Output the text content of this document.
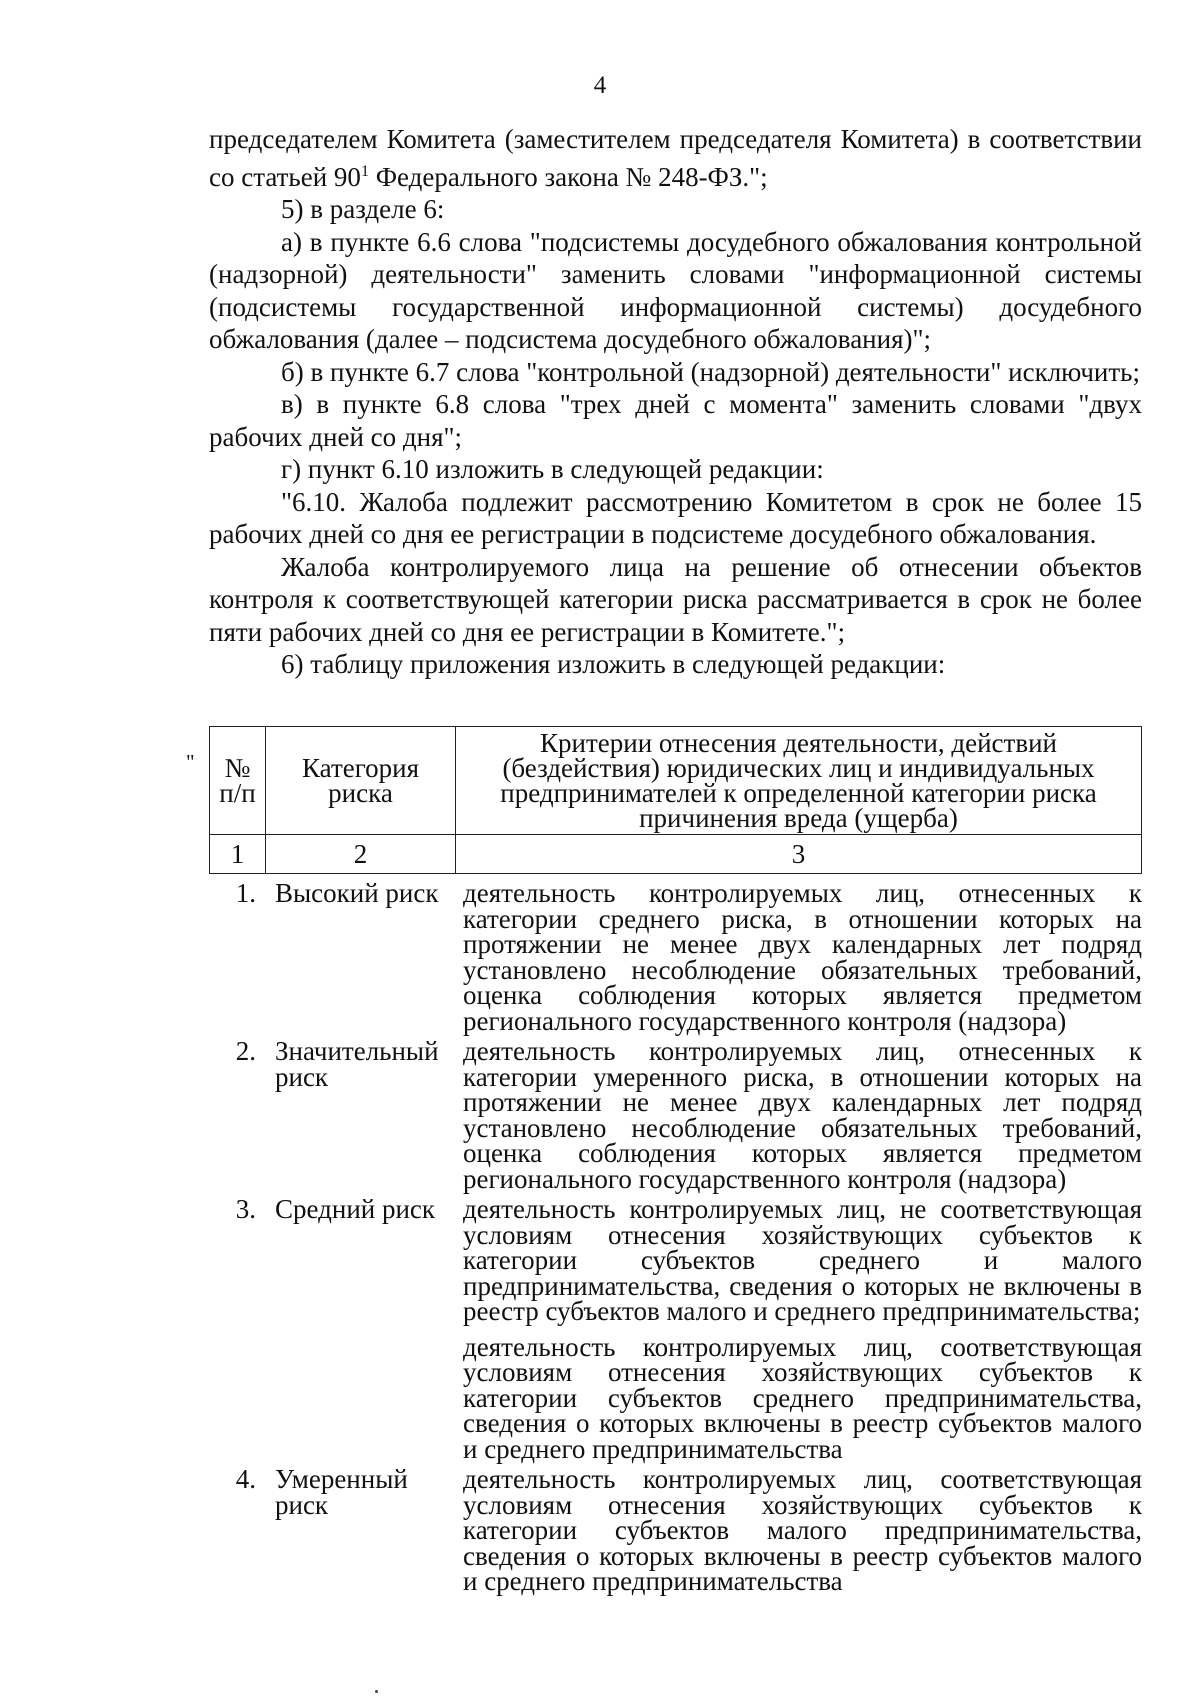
4

председателем Комитета (заместителем председателя Комитета) в соответствии со статьей $90^1$ Федерального закона № 248-ФЗ.";

5) в разделе 6:

а) в пункте 6.6 слова "подсистемы досудебного обжалования контрольной (надзорной) деятельности" заменить словами "информационной системы (подсистемы государственной информационной системы) досудебного обжалования (далее – подсистема досудебного обжалования)";

б) в пункте 6.7 слова "контрольной (надзорной) деятельности" исключить;

в) в пункте 6.8 слова "трех дней с момента" заменить словами "двух рабочих дней со дня";

г) пункт 6.10 изложить в следующей редакции:

"6.10. Жалоба подлежит рассмотрению Комитетом в срок не более 15 рабочих дней со дня ее регистрации в подсистеме досудебного обжалования.

Жалоба контролируемого лица на решение об отнесении объектов контроля к соответствующей категории риска рассматривается в срок не более пяти рабочих дней со дня ее регистрации в Комитете.";

6) таблицу приложения изложить в следующей редакции:

" № п/п	Категория риска	Критерии отнесения деятельности, действий (бездействия) юридических лиц и индивидуальных предпринимателей к определенной категории риска причинения вреда (ущерба)
1	2	3
1.	Высокий риск	деятельность контролируемых лиц, отнесенных к категории среднего риска, в отношении которых на протяжении не менее двух календарных лет подряд установлено несоблюдение обязательных требований, оценка соблюдения которых является предметом регионального государственного контроля (надзора)

2.	Значительный риск	деятельность контролируемых лиц, отнесенных к категории умеренного риска, в отношении которых на протяжении не менее двух календарных лет подряд установлено несоблюдение обязательных требований, оценка соблюдения которых является предметом регионального государственного контроля (надзора)

3.	Средний риск	деятельность контролируемых лиц, не соответствующая условиям отнесения хозяйствующих субъектов к категории субъектов среднего и малого предпринимательства, сведения о которых не включены в реестр субъектов малого и среднего предпринимательства;
деятельность контролируемых лиц, соответствующая условиям отнесения хозяйствующих субъектов к категории субъектов среднего предпринимательства, сведения о которых включены в реестр субъектов малого и среднего предпринимательства

4.	Умеренный риск	деятельность контролируемых лиц, соответствующая условиям отнесения хозяйствующих субъектов к категории субъектов малого предпринимательства, сведения о которых включены в реестр субъектов малого и среднего предпринимательства
